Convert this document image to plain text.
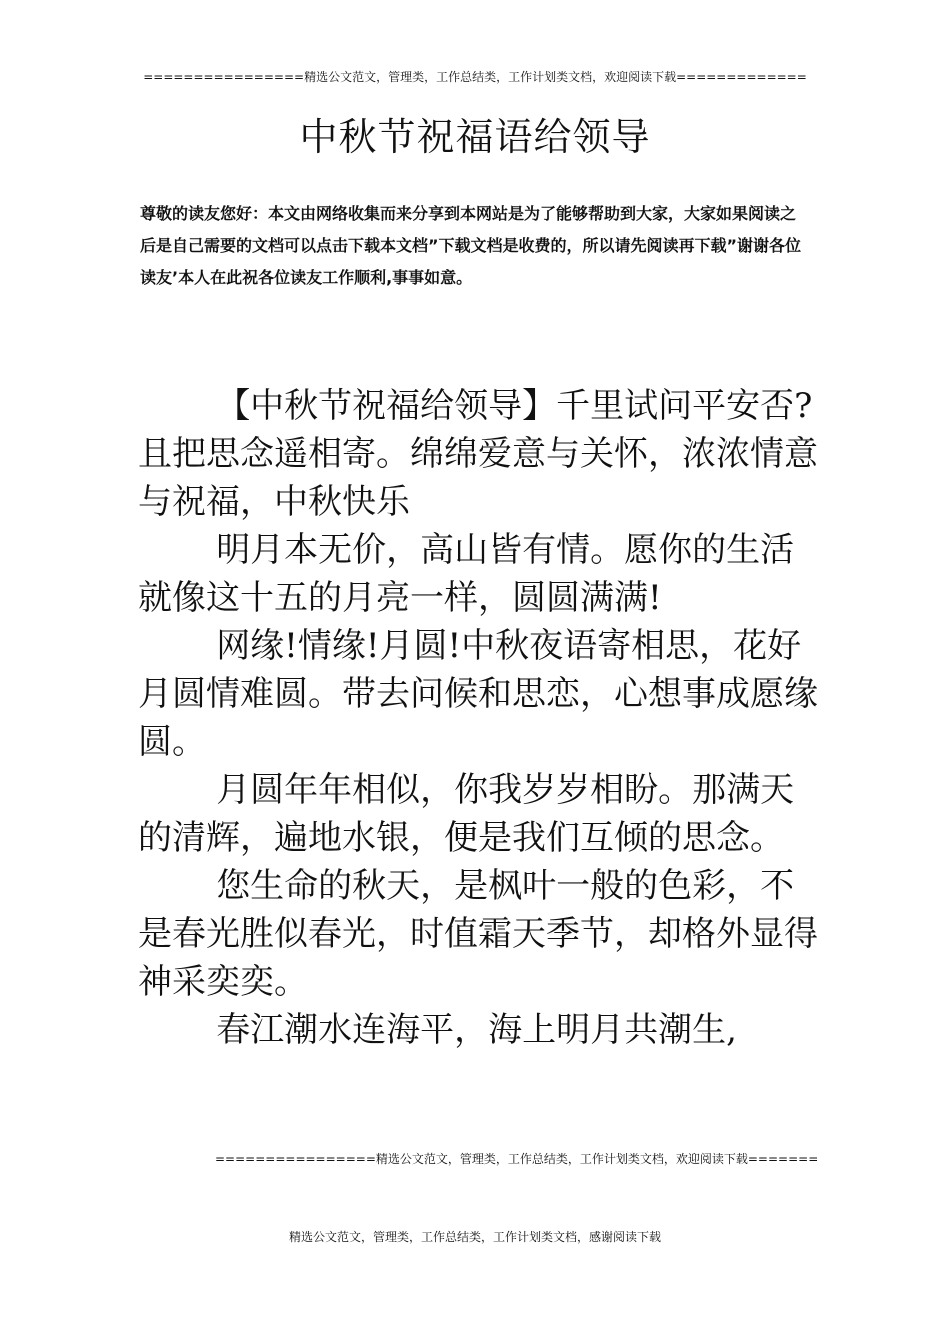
================精选公文范文，管理类，工作总结类，工作计划类文档，欢迎阅读下载=============
中秋节祝福语给领导
尊敬的读友您好：本文由网络收集而来分享到本网站是为了能够帮助到大家，大家如果阅读之后是自己需要的文档可以点击下载本文档”下载文档是收费的，所以请先阅读再下载”谢谢各位读友’本人在此祝各位读友工作顺利,事事如意。

【中秋节祝福给领导】千里试问平安否?且把思念遥相寄。绵绵爱意与关怀，浓浓情意与祝福，中秋快乐

明月本无价，高山皆有情。愿你的生活就像这十五的月亮一样，圆圆满满!

网缘!情缘!月圆!中秋夜语寄相思，花好月圆情难圆。带去问候和思恋，心想事成愿缘圆。

月圆年年相似，你我岁岁相盼。那满天的清辉，遍地水银，便是我们互倾的思念。

您生命的秋天，是枫叶一般的色彩，不是春光胜似春光，时值霜天季节，却格外显得神采奕奕。

春江潮水连海平，海上明月共潮生,

================精选公文范文，管理类，工作总结类，工作计划类文档，欢迎阅读下载=======
精选公文范文，管理类，工作总结类，工作计划类文档，感谢阅读下载
